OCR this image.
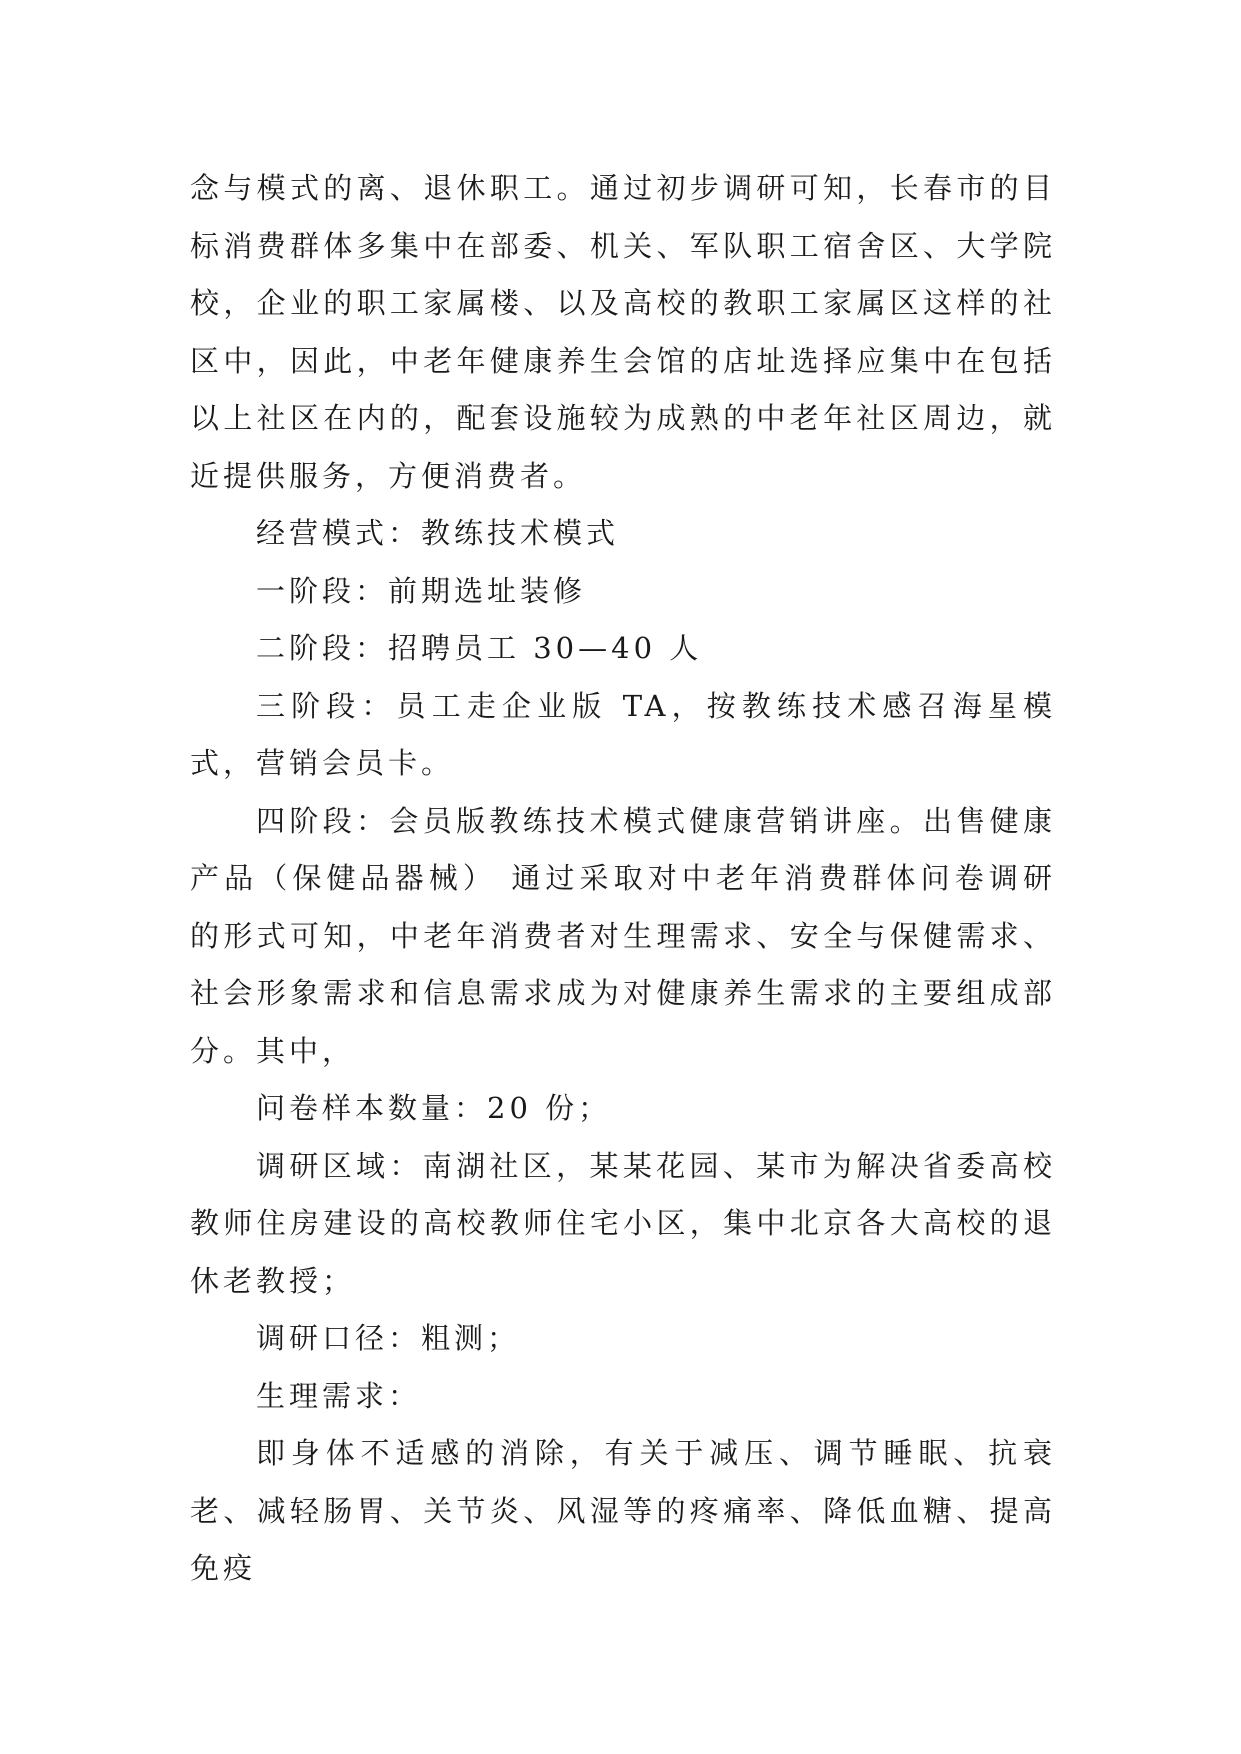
念与模式的离、退休职工。通过初步调研可知，长春市的目标消费群体多集中在部委、机关、军队职工宿舍区、大学院校，企业的职工家属楼、以及高校的教职工家属区这样的社区中，因此，中老年健康养生会馆的店址选择应集中在包括以上社区在内的，配套设施较为成熟的中老年社区周边，就近提供服务，方便消费者。

经营模式：教练技术模式

一阶段：前期选址装修

二阶段：招聘员工 30—40 人

三阶段：员工走企业版 TA，按教练技术感召海星模式，营销会员卡。

四阶段：会员版教练技术模式健康营销讲座。出售健康产品（保健品器械） 通过采取对中老年消费群体问卷调研的形式可知，中老年消费者对生理需求、安全与保健需求、社会形象需求和信息需求成为对健康养生需求的主要组成部分。其中，

问卷样本数量：20 份；

调研区域：南湖社区，某某花园、某市为解决省委高校教师住房建设的高校教师住宅小区，集中北京各大高校的退休老教授；

调研口径：粗测；

生理需求：

即身体不适感的消除，有关于减压、调节睡眠、抗衰老、减轻肠胃、关节炎、风湿等的疼痛率、降低血糖、提高免疫
